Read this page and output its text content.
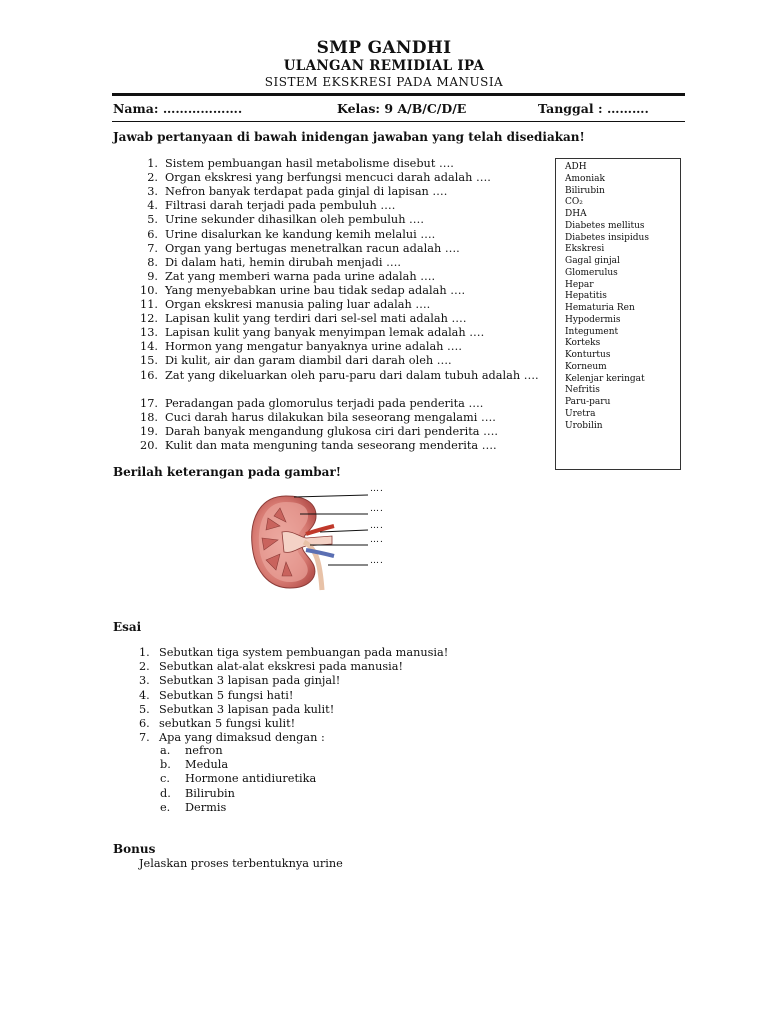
SMP GANDHI
ULANGAN REMIDIAL IPA
SISTEM EKSKRESI PADA MANUSIA
Nama: ……………….	Kelas: 9 A/B/C/D/E	Tanggal : ……….
Jawab pertanyaan di bawah inidengan jawaban yang telah disediakan!
1. Sistem pembuangan hasil metabolisme disebut ….
2. Organ ekskresi yang berfungsi mencuci darah adalah ….
3. Nefron banyak terdapat pada ginjal di lapisan ….
4. Filtrasi darah terjadi pada pembuluh ….
5. Urine sekunder dihasilkan oleh pembuluh ….
6. Urine disalurkan ke kandung kemih melalui ….
7. Organ yang bertugas menetralkan racun adalah ….
8. Di dalam hati, hemin dirubah menjadi ….
9. Zat yang memberi warna pada urine adalah ….
10. Yang menyebabkan urine bau tidak sedap adalah ….
11. Organ ekskresi manusia paling luar adalah ….
12. Lapisan kulit yang terdiri dari sel-sel mati adalah ….
13. Lapisan kulit yang banyak menyimpan lemak adalah ….
14. Hormon yang mengatur banyaknya urine adalah ….
15. Di kulit, air dan garam diambil dari darah oleh ….
16. Zat yang dikeluarkan oleh paru-paru dari dalam tubuh adalah ….
17. Peradangan pada glomorulus terjadi pada penderita ….
18. Cuci darah harus dilakukan bila seseorang mengalami ….
19. Darah banyak mengandung glukosa ciri dari penderita ….
20. Kulit dan mata menguning tanda seseorang menderita ….
ADH
Amoniak
Bilirubin
CO₂
DHA
Diabetes mellitus
Diabetes insipidus
Ekskresi
Gagal ginjal
Glomerulus
Hepar
Hepatitis
Hematuria Ren
Hypodermis
Integument
Korteks
Konturtus
Korneum
Kelenjar keringat
Nefritis
Paru-paru
Uretra
Urobilin
Berilah keterangan pada gambar!
….
….
….
….
….
Esai
1. Sebutkan tiga system pembuangan pada manusia!
2. Sebutkan alat-alat ekskresi pada manusia!
3. Sebutkan 3 lapisan pada ginjal!
4. Sebutkan 5 fungsi hati!
5. Sebutkan 3 lapisan pada kulit!
6. sebutkan 5 fungsi kulit!
7. Apa yang dimaksud dengan :
a.	nefron
b.	Medula
c.	Hormone antidiuretika
d.	Bilirubin
e.	Dermis
Bonus
Jelaskan proses terbentuknya urine
